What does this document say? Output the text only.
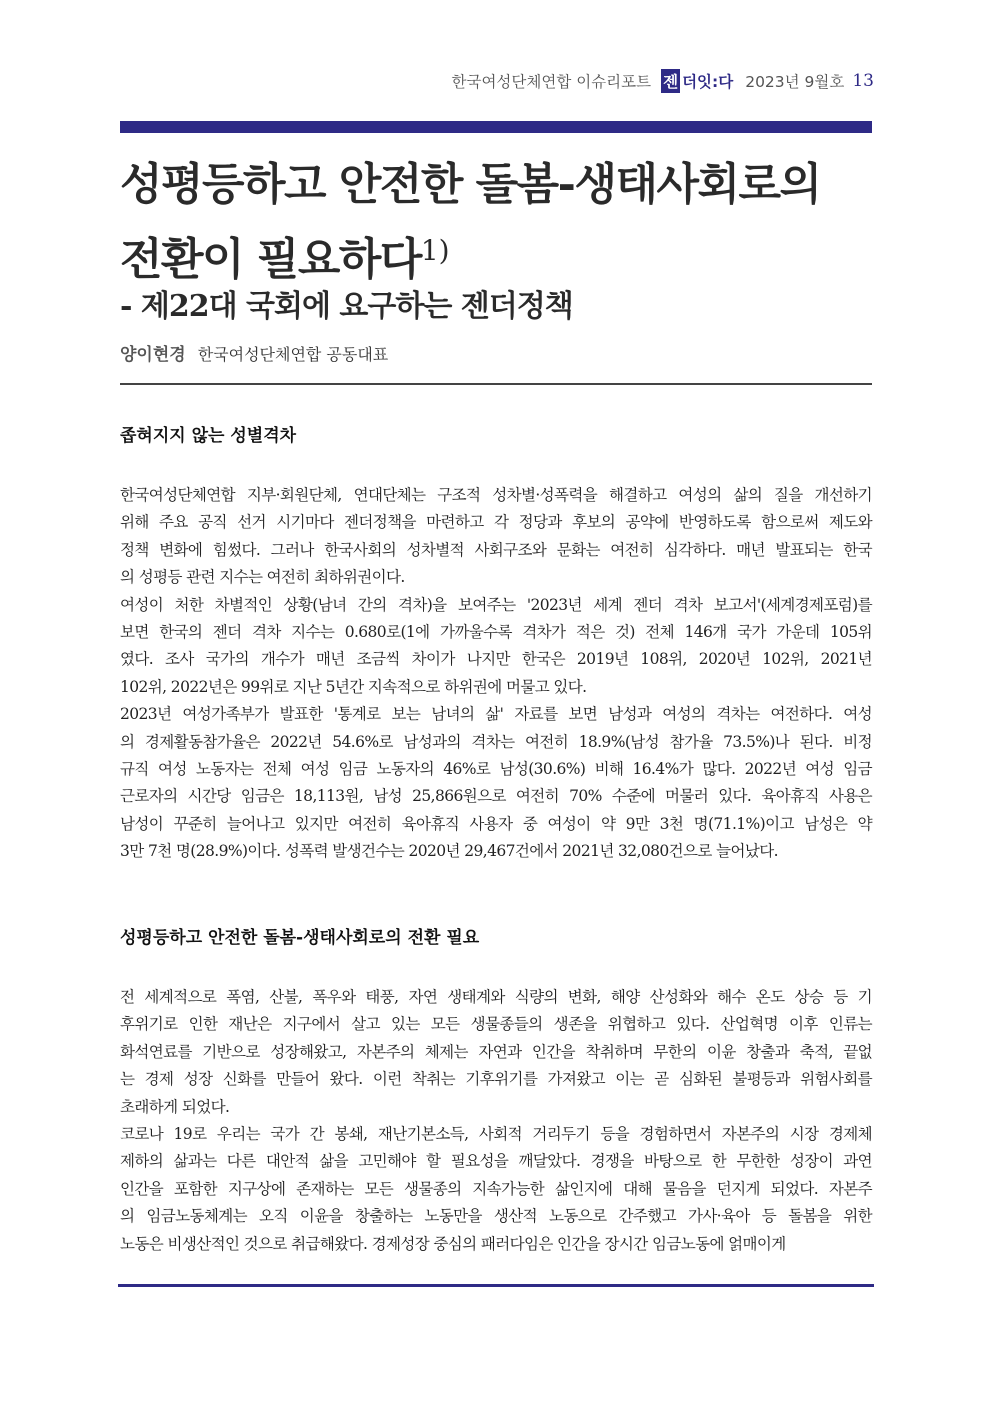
한국여성단체연합 이슈리포트 젠 더잇:다 2023년 9월호 13
성평등하고 안전한 돌봄-생태사회로의
전환이 필요하다$^{1)}$
- 제22대 국회에 요구하는 젠더정책
양이현경 한국여성단체연합 공동대표
좁혀지지 않는 성별격차
한국여성단체연합 지부·회원단체, 연대단체는 구조적 성차별·성폭력을 해결하고 여성의 삶의 질을 개선하기
위해 주요 공직 선거 시기마다 젠더정책을 마련하고 각 정당과 후보의 공약에 반영하도록 함으로써 제도와
정책 변화에 힘썼다. 그러나 한국사회의 성차별적 사회구조와 문화는 여전히 심각하다. 매년 발표되는 한국
의 성평등 관련 지수는 여전히 최하위권이다.
여성이 처한 차별적인 상황(남녀 간의 격차)을 보여주는 '2023년 세계 젠더 격차 보고서'(세계경제포럼)를
보면 한국의 젠더 격차 지수는 0.680로(1에 가까울수록 격차가 적은 것) 전체 146개 국가 가운데 105위
였다. 조사 국가의 개수가 매년 조금씩 차이가 나지만 한국은 2019년 108위, 2020년 102위, 2021년
102위, 2022년은 99위로 지난 5년간 지속적으로 하위권에 머물고 있다.
2023년 여성가족부가 발표한 '통계로 보는 남녀의 삶' 자료를 보면 남성과 여성의 격차는 여전하다. 여성
의 경제활동참가율은 2022년 54.6%로 남성과의 격차는 여전히 18.9%(남성 참가율 73.5%)나 된다. 비정
규직 여성 노동자는 전체 여성 임금 노동자의 46%로 남성(30.6%) 비해 16.4%가 많다. 2022년 여성 임금
근로자의 시간당 임금은 18,113원, 남성 25,866원으로 여전히 70% 수준에 머물러 있다. 육아휴직 사용은
남성이 꾸준히 늘어나고 있지만 여전히 육아휴직 사용자 중 여성이 약 9만 3천 명(71.1%)이고 남성은 약
3만 7천 명(28.9%)이다. 성폭력 발생건수는 2020년 29,467건에서 2021년 32,080건으로 늘어났다.
성평등하고 안전한 돌봄-생태사회로의 전환 필요
전 세계적으로 폭염, 산불, 폭우와 태풍, 자연 생태계와 식량의 변화, 해양 산성화와 해수 온도 상승 등 기
후위기로 인한 재난은 지구에서 살고 있는 모든 생물종들의 생존을 위협하고 있다. 산업혁명 이후 인류는
화석연료를 기반으로 성장해왔고, 자본주의 체제는 자연과 인간을 착취하며 무한의 이윤 창출과 축적, 끝없
는 경제 성장 신화를 만들어 왔다. 이런 착취는 기후위기를 가져왔고 이는 곧 심화된 불평등과 위험사회를
초래하게 되었다.
코로나 19로 우리는 국가 간 봉쇄, 재난기본소득, 사회적 거리두기 등을 경험하면서 자본주의 시장 경제체
제하의 삶과는 다른 대안적 삶을 고민해야 할 필요성을 깨달았다. 경쟁을 바탕으로 한 무한한 성장이 과연
인간을 포함한 지구상에 존재하는 모든 생물종의 지속가능한 삶인지에 대해 물음을 던지게 되었다. 자본주
의 임금노동체계는 오직 이윤을 창출하는 노동만을 생산적 노동으로 간주했고 가사·육아 등 돌봄을 위한
노동은 비생산적인 것으로 취급해왔다. 경제성장 중심의 패러다임은 인간을 장시간 임금노동에 얽매이게
